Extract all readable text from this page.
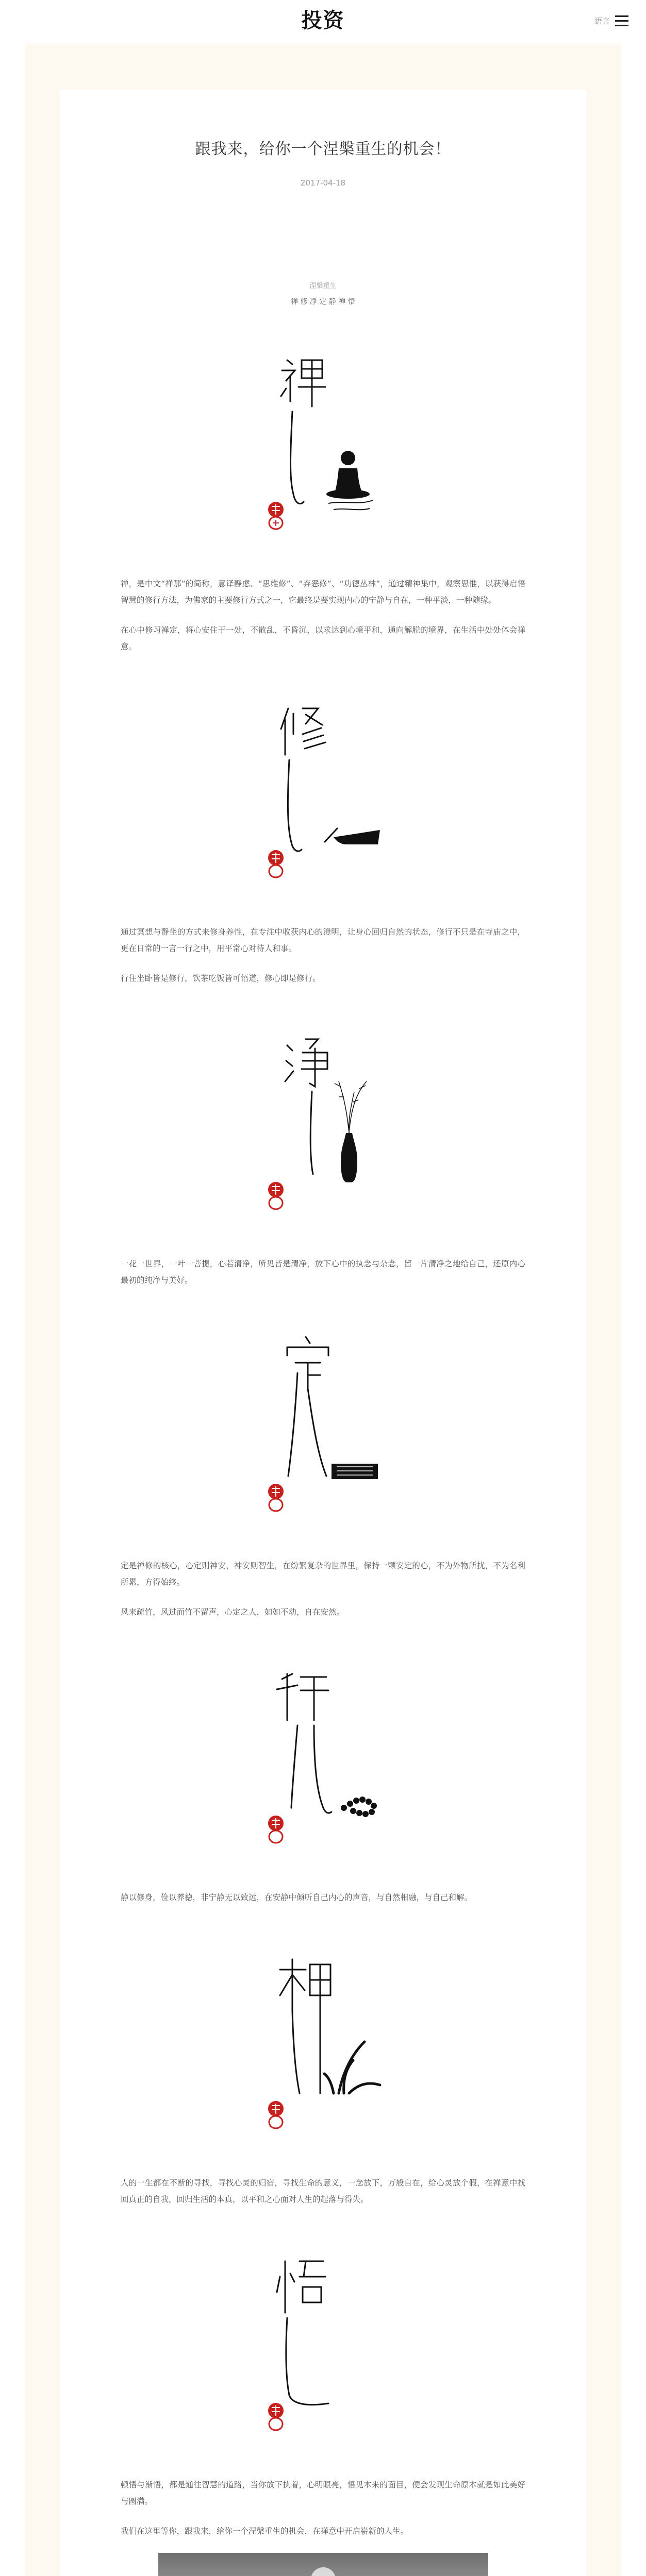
投资	语言
跟我来，给你一个涅槃重生的机会！
2017-04-18
涅槃重生
禅 修 净 定 静 禅 悟

禅，是中文“禅那”的简称，意译静虑、“思维修”、“弃恶修”、“功德丛林”，通过精神集中，观察思惟，以获得启悟智慧的修行方法，为佛家的主要修行方式之一，它最终是要实现内心的宁静与自在，一种平淡，一种随缘。

在心中修习禅定，将心安住于一处，不散乱，不昏沉，以求达到心境平和，通向解脱的境界，在生活中处处体会禅意。

通过冥想与静坐的方式来修身养性，在专注中收获内心的澄明，让身心回归自然的状态，修行不只是在寺庙之中，更在日常的一言一行之中，用平常心对待人和事。

行住坐卧皆是修行，饮茶吃饭皆可悟道，修心即是修行。

一花一世界，一叶一菩提，心若清净，所见皆是清净，放下心中的执念与杂念，留一片清净之地给自己，还原内心最初的纯净与美好。

定是禅修的核心，心定则神安，神安则智生，在纷繁复杂的世界里，保持一颗安定的心，不为外物所扰，不为名利所累，方得始终。

风来疏竹，风过而竹不留声，心定之人，如如不动，自在安然。

静以修身，俭以养德，非宁静无以致远，在安静中倾听自己内心的声音，与自然相融，与自己和解。

人的一生都在不断的寻找，寻找心灵的归宿，寻找生命的意义，一念放下，万般自在，给心灵放个假，在禅意中找回真正的自我，回归生活的本真，以平和之心面对人生的起落与得失。

顿悟与渐悟，都是通往智慧的道路，当你放下执着，心明眼亮，悟见本来的面目，便会发现生命原本就是如此美好与圆满。

我们在这里等你，跟我来，给你一个涅槃重生的机会，在禅意中开启崭新的人生。
